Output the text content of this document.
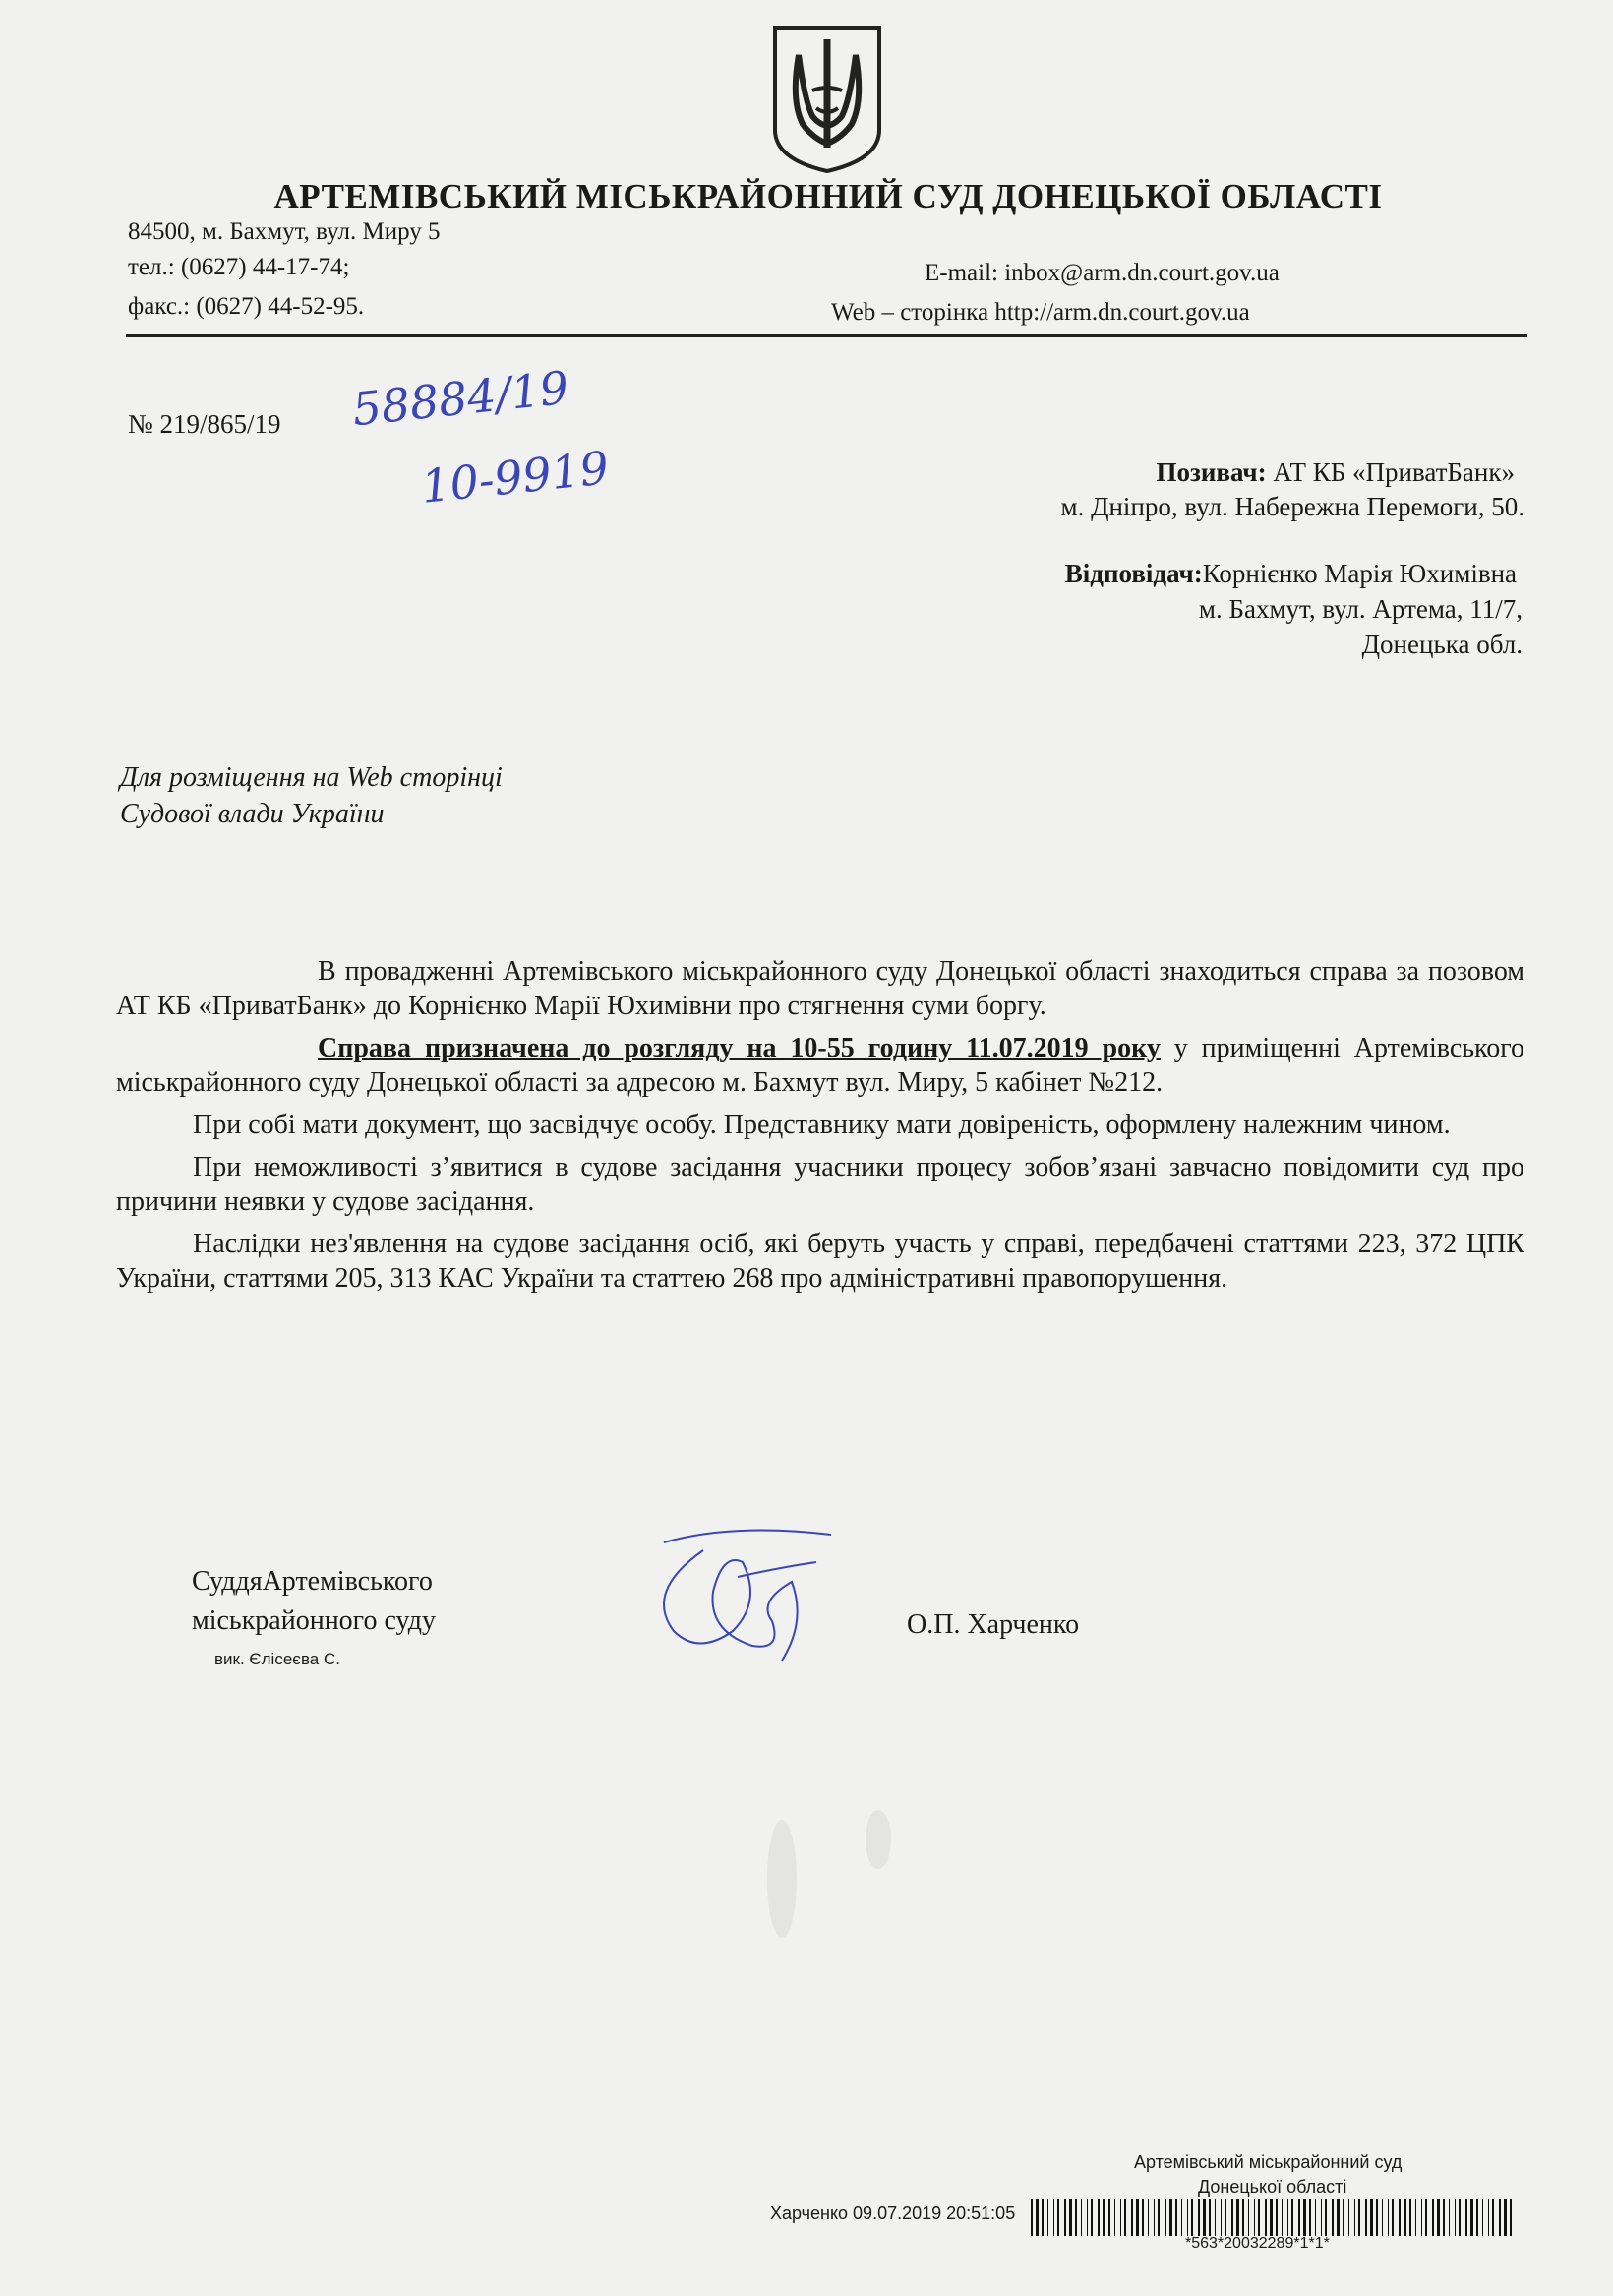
АРТЕМІВСЬКИЙ МІСЬКРАЙОННИЙ СУД ДОНЕЦЬКОЇ ОБЛАСТІ
84500, м. Бахмут, вул. Миру 5
тел.: (0627) 44-17-74;
факс.: (0627) 44-52-95.
E-mail: inbox@arm.dn.court.gov.ua
Web – сторінка http://arm.dn.court.gov.ua
№ 219/865/19 58884/19
10-9919	Позивач: АТ КБ «ПриватБанк»
м. Дніпро, вул. Набережна Перемоги, 50.
Відповідач:Корнієнко Марія Юхимівна
м. Бахмут, вул. Артема, 11/7,
Донецька обл.
Для розміщення на Web сторінці
Судової влади України

В провадженні Артемівського міськрайонного суду Донецької області знаходиться справа за позовом АТ КБ «ПриватБанк» до Корнієнко Марії Юхимівни про стягнення суми боргу.

Справа призначена до розгляду на 10-55 годину 11.07.2019 року у приміщенні Артемівського міськрайонного суду Донецької області за адресою м. Бахмут вул. Миру, 5 кабінет №212.

При собі мати документ, що засвідчує особу. Представнику мати довіреність, оформлену належним чином.

При неможливості з’явитися в судове засідання учасники процесу зобов’язані завчасно повідомити суд про причини неявки у судове засідання.

Наслідки нез'явлення на судове засідання осіб, які беруть участь у справі, передбачені статтями 223, 372 ЦПК України, статтями 205, 313 КАС України та статтею 268 про адміністративні правопорушення.

СуддяАртемівського
міськрайонного суду
вик. Єлісеєва С.
О.П. Харченко
Артемівський міськрайонний суд
Донецької області
Харченко 09.07.2019 20:51:05
*563*20032289*1*1*
